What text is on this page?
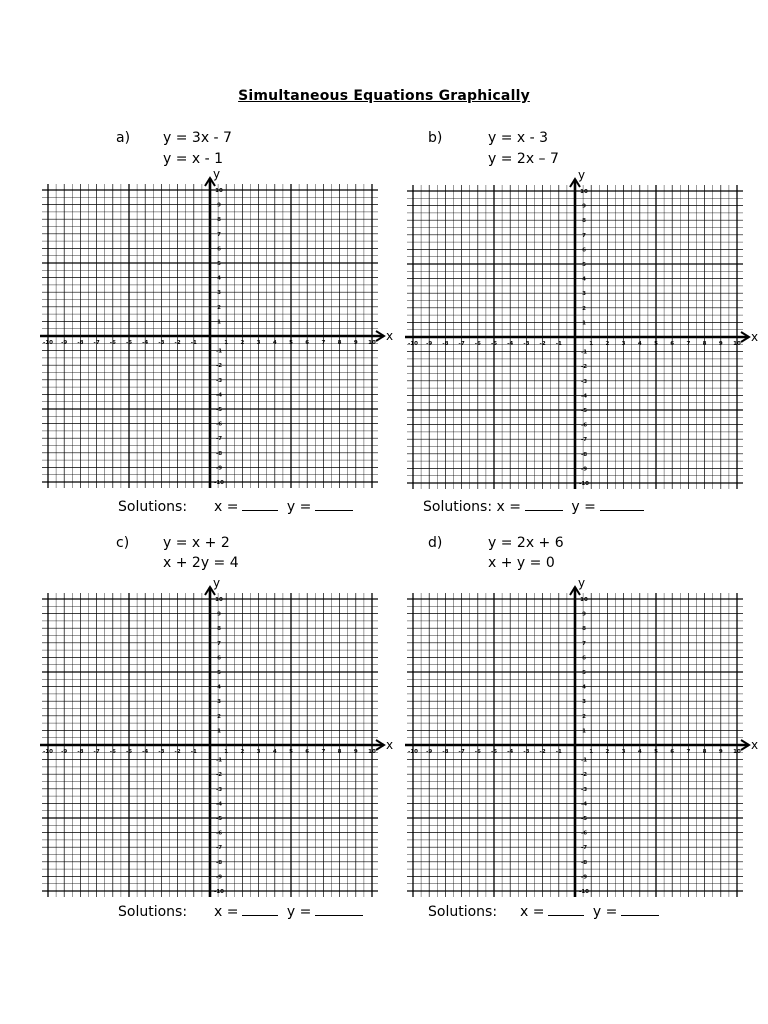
Simultaneous Equations Graphically
a) y = 3x - 7
y = x - 1
x
y
-10
-10
-9
-9
-8
-8
-7
-7
-6
-6
-5
-5
-4
-4
-3
-3
-2
-2
-1
-1
1
1
2
2
3
3
4
4
5
5
6
6
7
7
8
8
9
9
10
10
Solutions: x =	y =
b)	y = x - 3
y = 2x – 7
x
y
-10
-10
-9
-9
-8
-8
-7
-7
-6
-6
-5
-5
-4
-4
-3
-3
-2
-2
-1
-1
1
1
2
2
3
3
4
4
5
5
6
6
7
7
8
8
9
9
10
10
Solutions: x =	y =
c) y = x + 2
x + 2y = 4
x
y
-10
-10
-9
-9
-8
-8
-7
-7
-6
-6
-5
-5
-4
-4
-3
-3
-2
-2
-1
-1
1
1
2
2
3
3
4
4
5
5
6
6
7
7
8
8
9
9
10
10
Solutions: x =	y =
d)	y = 2x + 6
x + y = 0
x
y
-10
-10
-9
-9
-8
-8
-7
-7
-6
-6
-5
-5
-4
-4
-3
-3
-2
-2
-1
-1
1
1
2
2
3
3
4
4
5
5
6
6
7
7
8
8
9
9
10
10
Solutions: x =	y =
